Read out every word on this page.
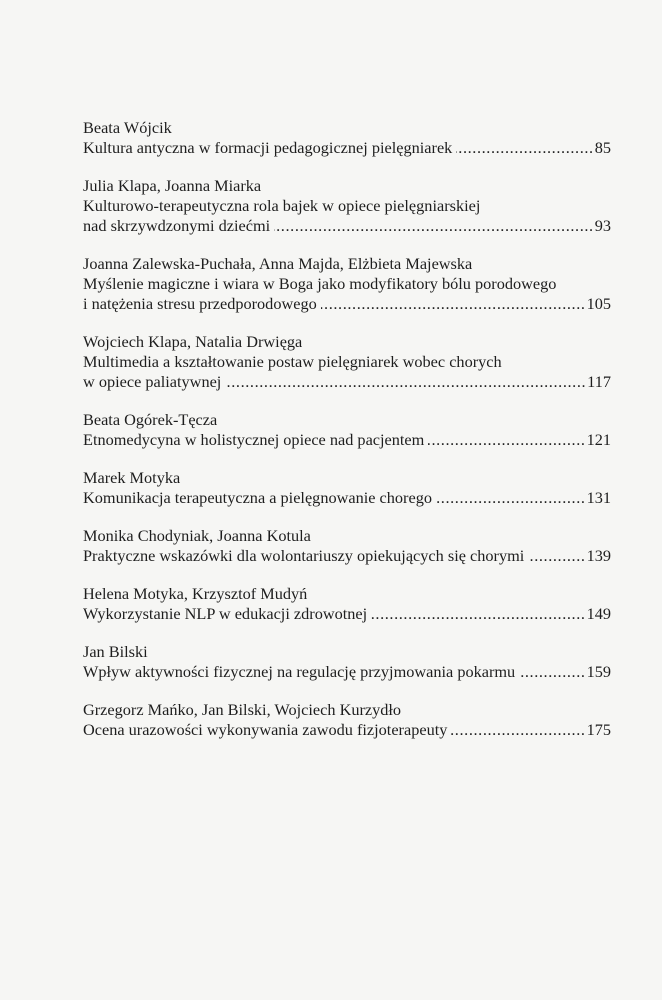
Beata Wójcik
Kultura antyczna w formacji pedagogicznej pielęgniarek .....	85
Julia Klapa, Joanna Miarka
Kulturowo-terapeutyczna rola bajek w opiece pielęgniarskiej
nad skrzywdzonymi dziećmi .....	93
Joanna Zalewska-Puchała, Anna Majda, Elżbieta Majewska
Myślenie magiczne i wiara w Boga jako modyfikatory bólu porodowego
i natężenia stresu przedporodowego .....	105
Wojciech Klapa, Natalia Drwięga
Multimedia a kształtowanie postaw pielęgniarek wobec chorych
w opiece paliatywnej .....	117
Beata Ogórek-Tęcza
Etnomedycyna w holistycznej opiece nad pacjentem .....	121
Marek Motyka
Komunikacja terapeutyczna a pielęgnowanie chorego .....	131
Monika Chodyniak, Joanna Kotula
Praktyczne wskazówki dla wolontariuszy opiekujących się chorymi .....	139
Helena Motyka, Krzysztof Mudyń
Wykorzystanie NLP w edukacji zdrowotnej .....	149
Jan Bilski
Wpływ aktywności fizycznej na regulację przyjmowania pokarmu .....	159
Grzegorz Mańko, Jan Bilski, Wojciech Kurzydło
Ocena urazowości wykonywania zawodu fizjoterapeuty .....	175
